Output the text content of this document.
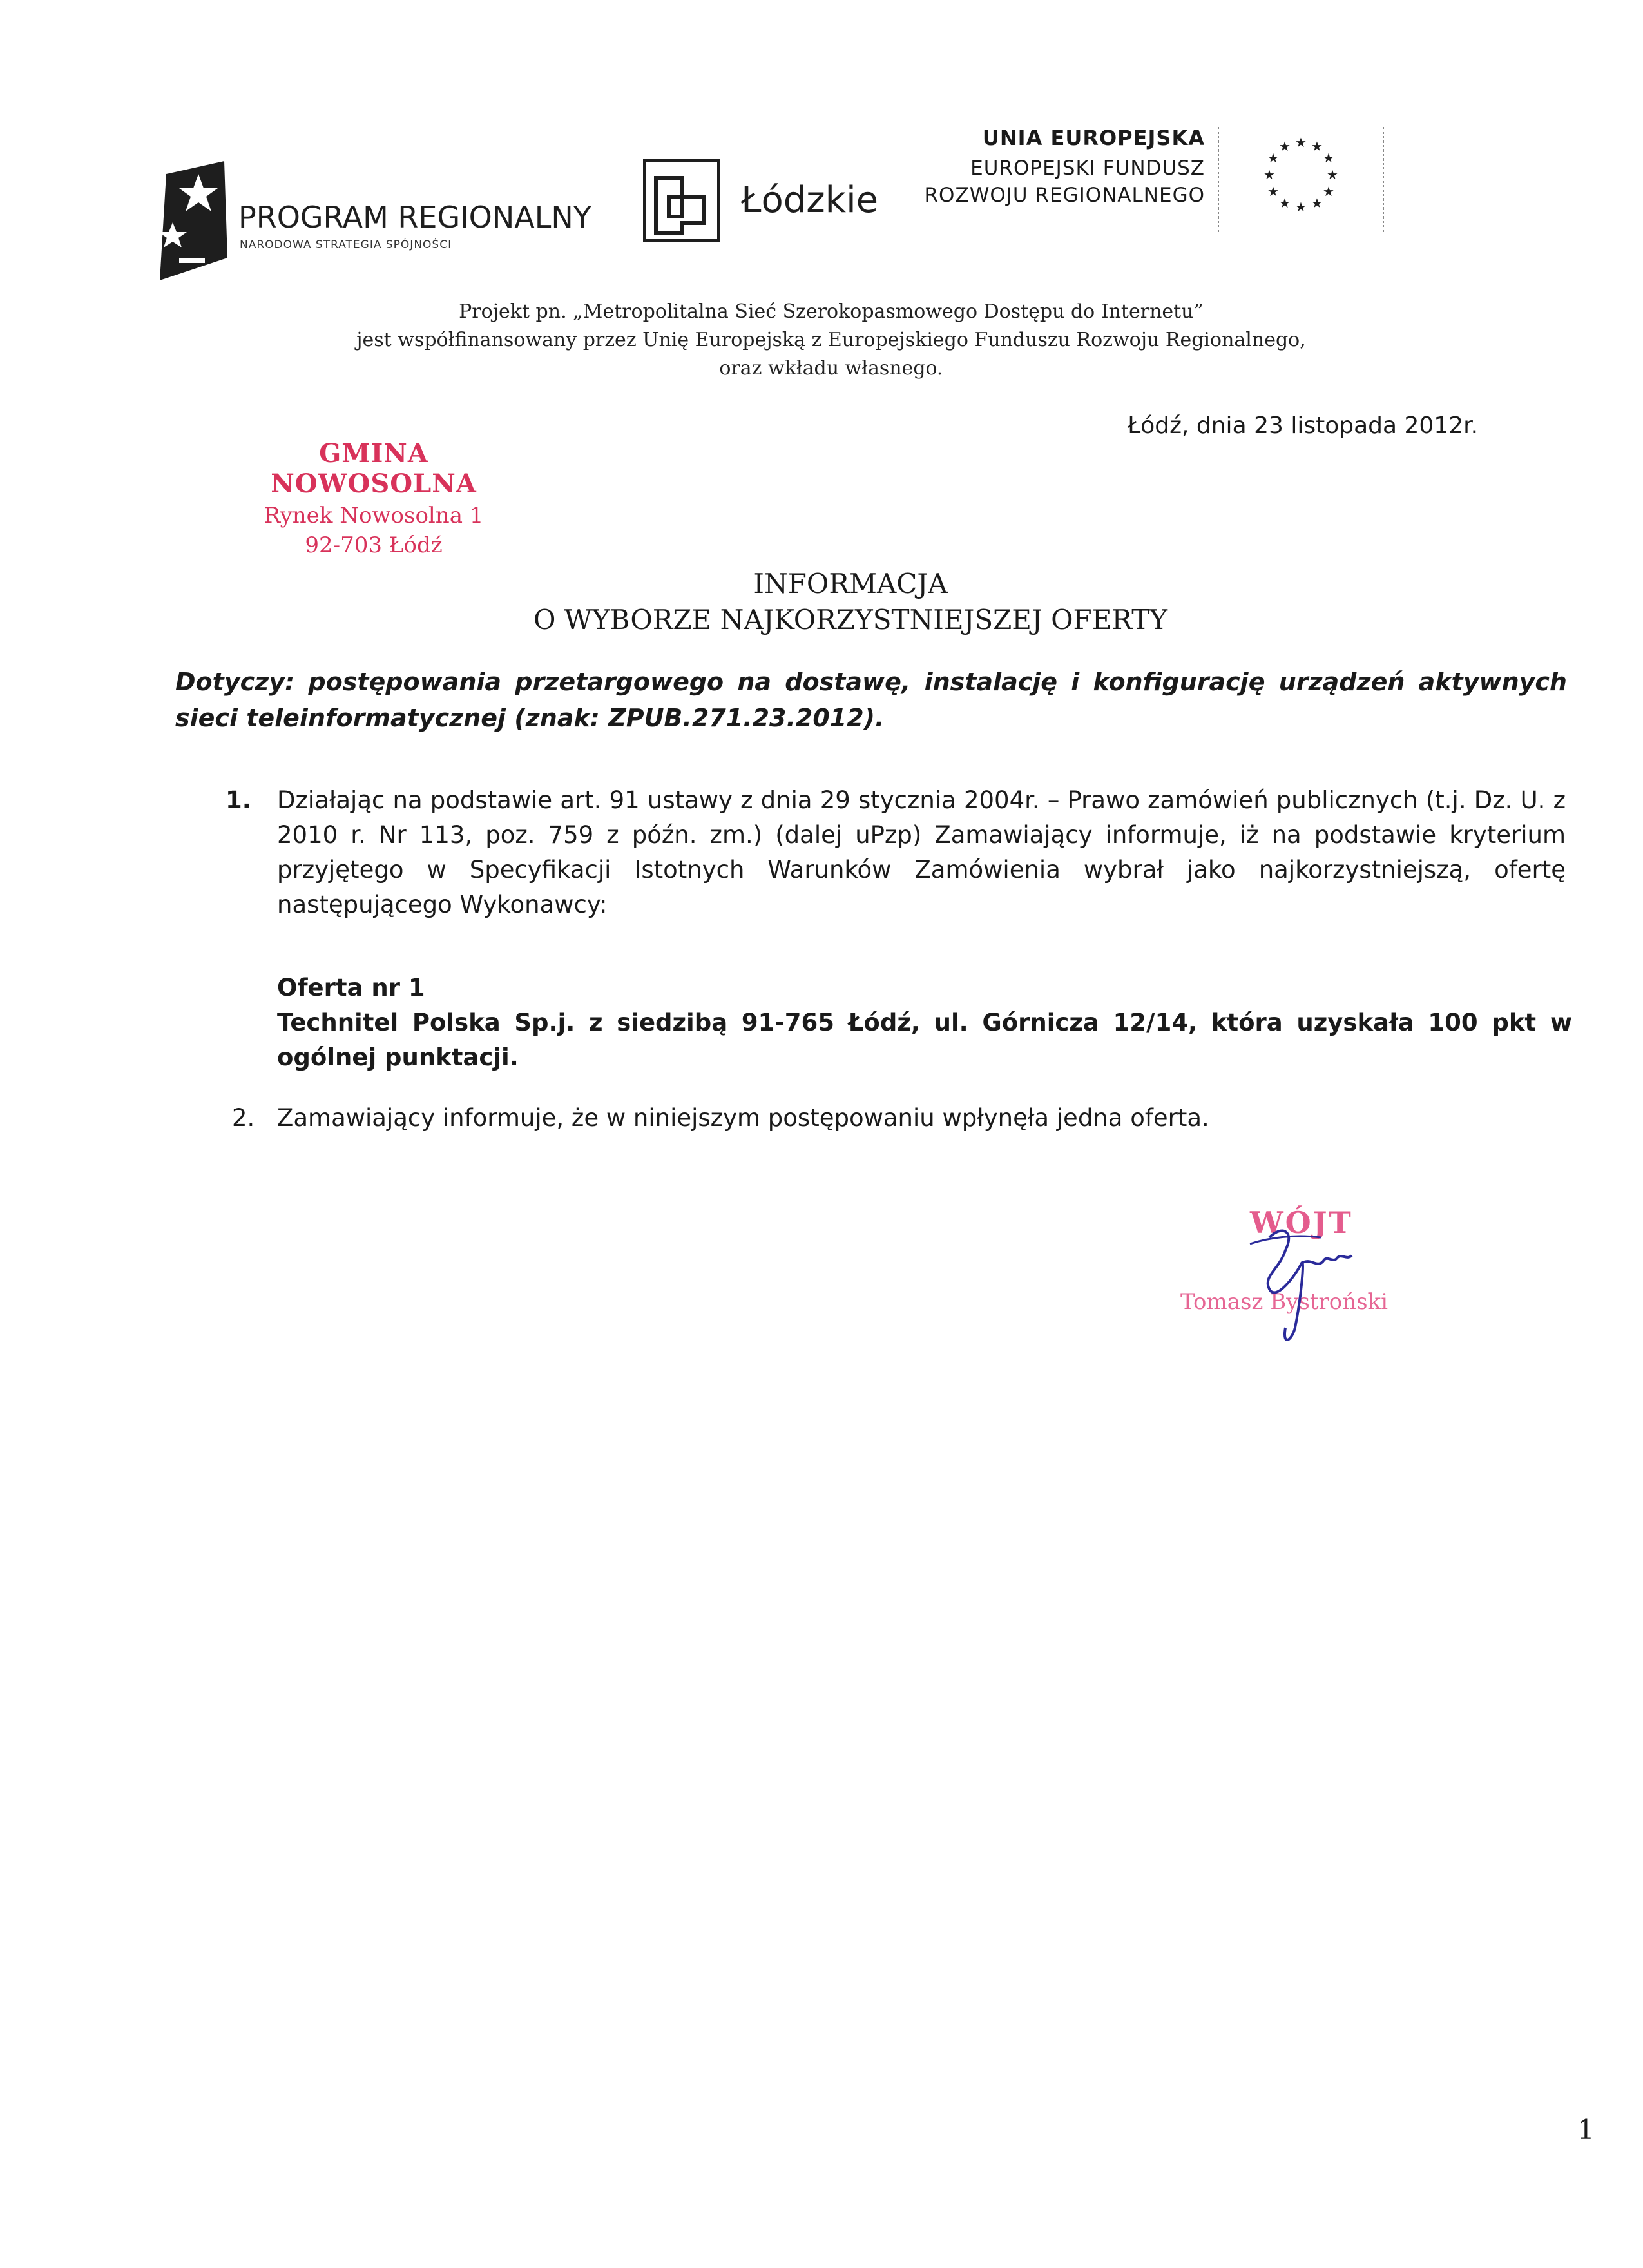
PROGRAM REGIONALNY
NARODOWA STRATEGIA SPÓJNOŚCI
Łódzkie
UNIA EUROPEJSKA
EUROPEJSKI FUNDUSZ
ROZWOJU REGIONALNEGO
★ ★
★
★
★
★
★
★
★
★
★
★
Projekt pn. „Metropolitalna Sieć Szerokopasmowego Dostępu do Internetu”
jest współfinansowany przez Unię Europejską z Europejskiego Funduszu Rozwoju Regionalnego,
oraz wkładu własnego.
Łódź, dnia 23 listopada 2012r.
GMINA NOWOSOLNA
Rynek Nowosolna 1
92-703 Łódź
INFORMACJA
O WYBORZE NAJKORZYSTNIEJSZEJ OFERTY
Dotyczy: postępowania przetargowego na dostawę, instalację i konfigurację urządzeń aktywnych sieci teleinformatycznej (znak: ZPUB.271.23.2012).
1. Działając na podstawie art. 91 ustawy z dnia 29 stycznia 2004r. – Prawo zamówień publicznych (t.j. Dz. U. z 2010 r. Nr 113, poz. 759 z późn. zm.) (dalej uPzp) Zamawiający informuje, iż na podstawie kryterium przyjętego w Specyfikacji Istotnych Warunków Zamówienia wybrał jako najkorzystniejszą, ofertę następującego Wykonawcy:
Oferta nr 1
Technitel Polska Sp.j. z siedzibą 91-765 Łódź, ul. Górnicza 12/14, która uzyskała 100 pkt w ogólnej punktacji.
2. Zamawiający informuje, że w niniejszym postępowaniu wpłynęła jedna oferta.
WÓJT
Tomasz Bystroński
1
